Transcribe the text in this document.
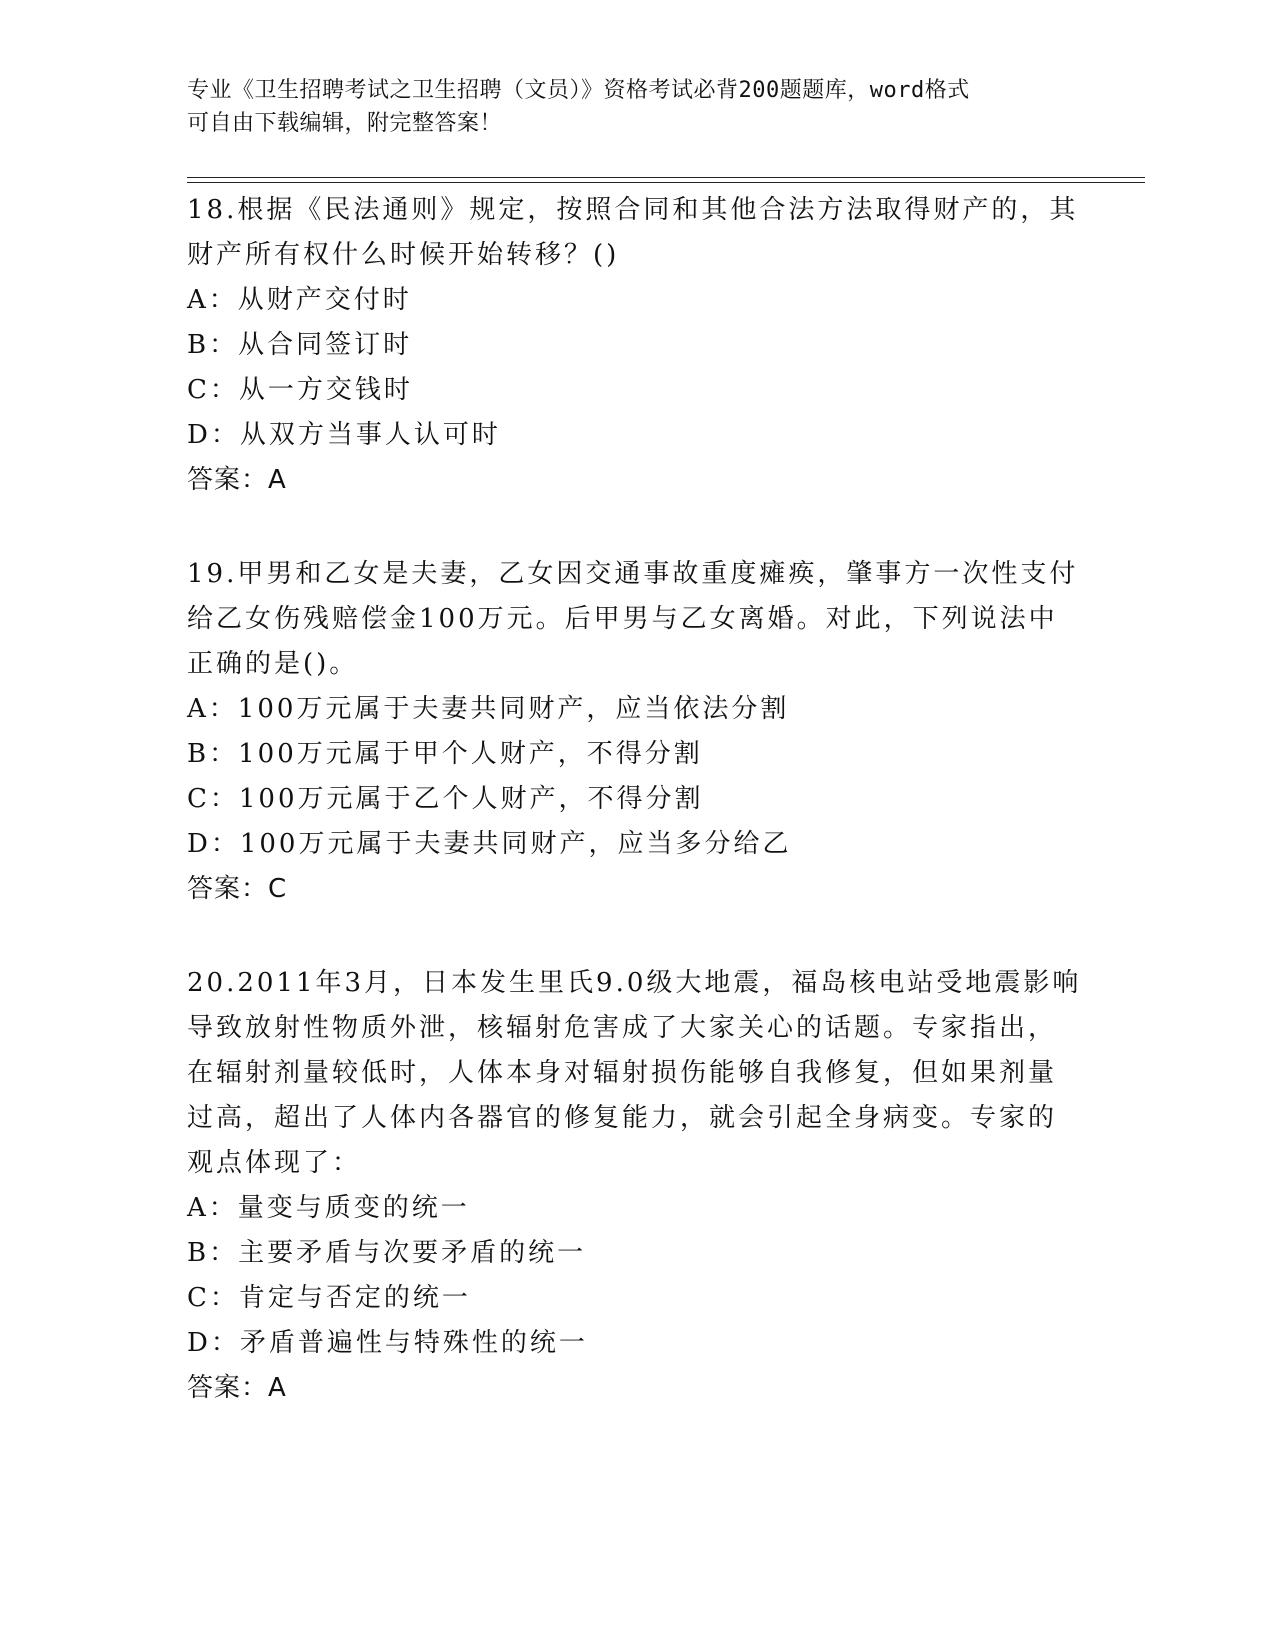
专业《卫生招聘考试之卫生招聘（文员）》资格考试必背200题题库，word格式
可自由下载编辑，附完整答案！
18.根据《民法通则》规定，按照合同和其他合法方法取得财产的，其
财产所有权什么时候开始转移？()
A：从财产交付时
B：从合同签订时
C：从一方交钱时
D：从双方当事人认可时
答案：A
19.甲男和乙女是夫妻，乙女因交通事故重度瘫痪，肇事方一次性支付
给乙女伤残赔偿金100万元。后甲男与乙女离婚。对此，下列说法中
正确的是()。
A：100万元属于夫妻共同财产，应当依法分割
B：100万元属于甲个人财产，不得分割
C：100万元属于乙个人财产，不得分割
D：100万元属于夫妻共同财产，应当多分给乙
答案：C
20.2011年3月，日本发生里氏9.0级大地震，福岛核电站受地震影响
导致放射性物质外泄，核辐射危害成了大家关心的话题。专家指出，
在辐射剂量较低时，人体本身对辐射损伤能够自我修复，但如果剂量
过高，超出了人体内各器官的修复能力，就会引起全身病变。专家的
观点体现了：
A：量变与质变的统一
B：主要矛盾与次要矛盾的统一
C：肯定与否定的统一
D：矛盾普遍性与特殊性的统一
答案：A
